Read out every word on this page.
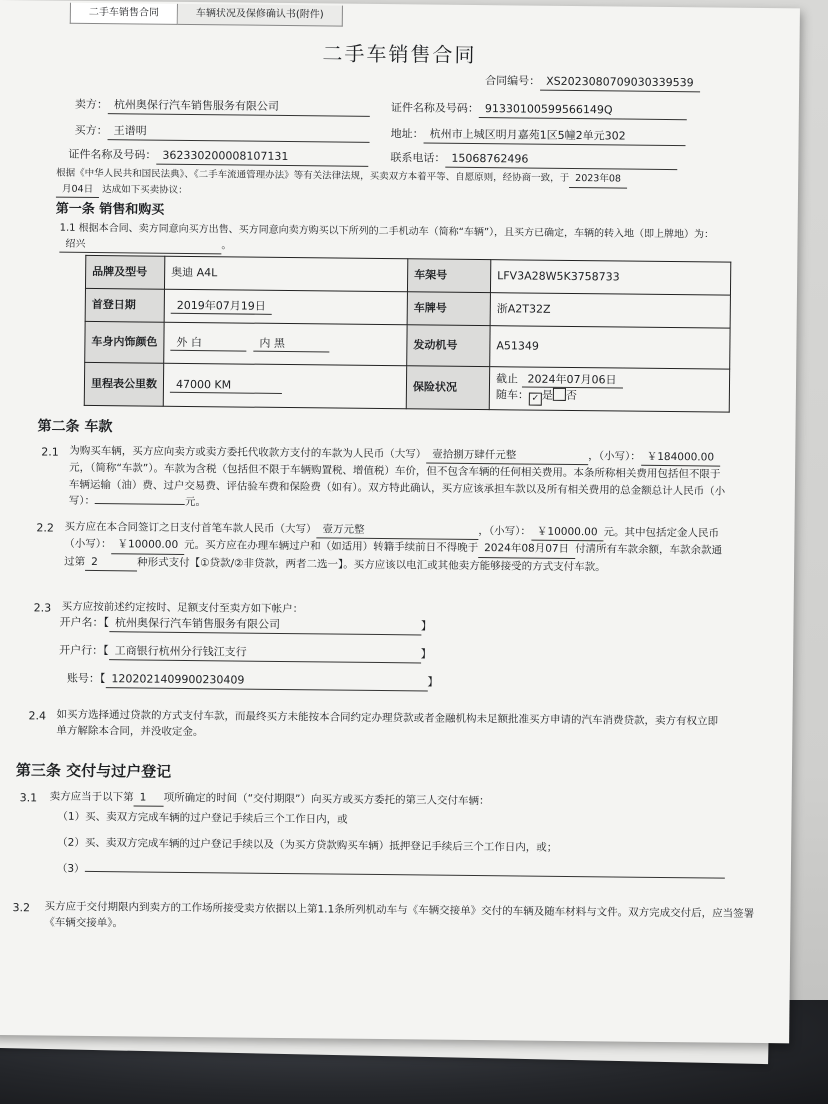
二手车销售合同	车辆状况及保修确认书(附件)
二手车销售合同
合同编号： XS2023080709030339539
卖方： 杭州奥保行汽车销售服务有限公司	证件名称及号码： 91330100599566149Q
买方： 王谱明	地址： 杭州市上城区明月嘉苑1区5幢2单元302
证件名称及号码： 362330200008107131	联系电话： 15068762496
根据《中华人民共和国民法典》、《二手车流通管理办法》等有关法律法规，买卖双方本着平等、自愿原则，经协商一致，于 2023年08
月04日 达成如下买卖协议：
第一条 销售和购买
1.1 根据本合同、卖方同意向买方出售、买方同意向卖方购买以下所列的二手机动车（简称“车辆”），且买方已确定，车辆的转入地（即上牌地）为：绍兴	。
品牌及型号	奥迪 A4L	车架号	LFV3A28W5K3758733
首登日期	2019年07月19日	车牌号	浙A2T32Z
车身内饰颜色	外 白 内 黑	发动机号	A51349
里程表公里数	47000 KM	保险状况	截止 2024年07月06日
随车： ✓ 是 否
第二条 车款
2.1 为购买车辆，买方应向卖方或卖方委托代收款方支付的车款为人民币（大写） 壹拾捌万肆仟元整	，（小写）： ￥184000.00元，（简称“车款”）。车款为含税（包括但不限于车辆购置税、增值税）车价，但不包含车辆的任何相关费用。本条所称相关费用包括但不限于车辆运输（油）费、过户交易费、评估验车费和保险费（如有）。双方特此确认，买方应该承担车款以及所有相关费用的总金额总计人民币（小写）：	元。
2.2 买方应在本合同签订之日支付首笔车款人民币（大写） 壹万元整	，（小写）： ￥10000.00 元。其中包括定金人民币（小写）： ￥10000.00 元。买方应在办理车辆过户和（如适用）转籍手续前日不得晚于 2024年08月07日 付清所有车款余额，车款余款通过第 2	种形式支付【①贷款/②非贷款，两者二选一】。买方应该以电汇或其他卖方能够接受的方式支付车款。
2.3 买方应按前述约定按时、足额支付至卖方如下帐户：
开户名：【 杭州奥保行汽车销售服务有限公司	】
开户行：【 工商银行杭州分行钱江支行	】
账号：【 1202021409900230409	】
2.4 如买方选择通过贷款的方式支付车款，而最终买方未能按本合同约定办理贷款或者金融机构未足额批准买方申请的汽车消费贷款，卖方有权立即单方解除本合同，并没收定金。
第三条 交付与过户登记
3.1 卖方应当于以下第 1 项所确定的时间（“交付期限”）向买方或买方委托的第三人交付车辆：
（1）买、卖双方完成车辆的过户登记手续后三个工作日内，或
（2）买、卖双方完成车辆的过户登记手续以及（为买方贷款购买车辆）抵押登记手续后三个工作日内，或；
（3）
3.2 买方应于交付期限内到卖方的工作场所接受卖方依据以上第1.1条所列机动车与《车辆交接单》交付的车辆及随车材料与文件。双方完成交付后，应当签署《车辆交接单》。
